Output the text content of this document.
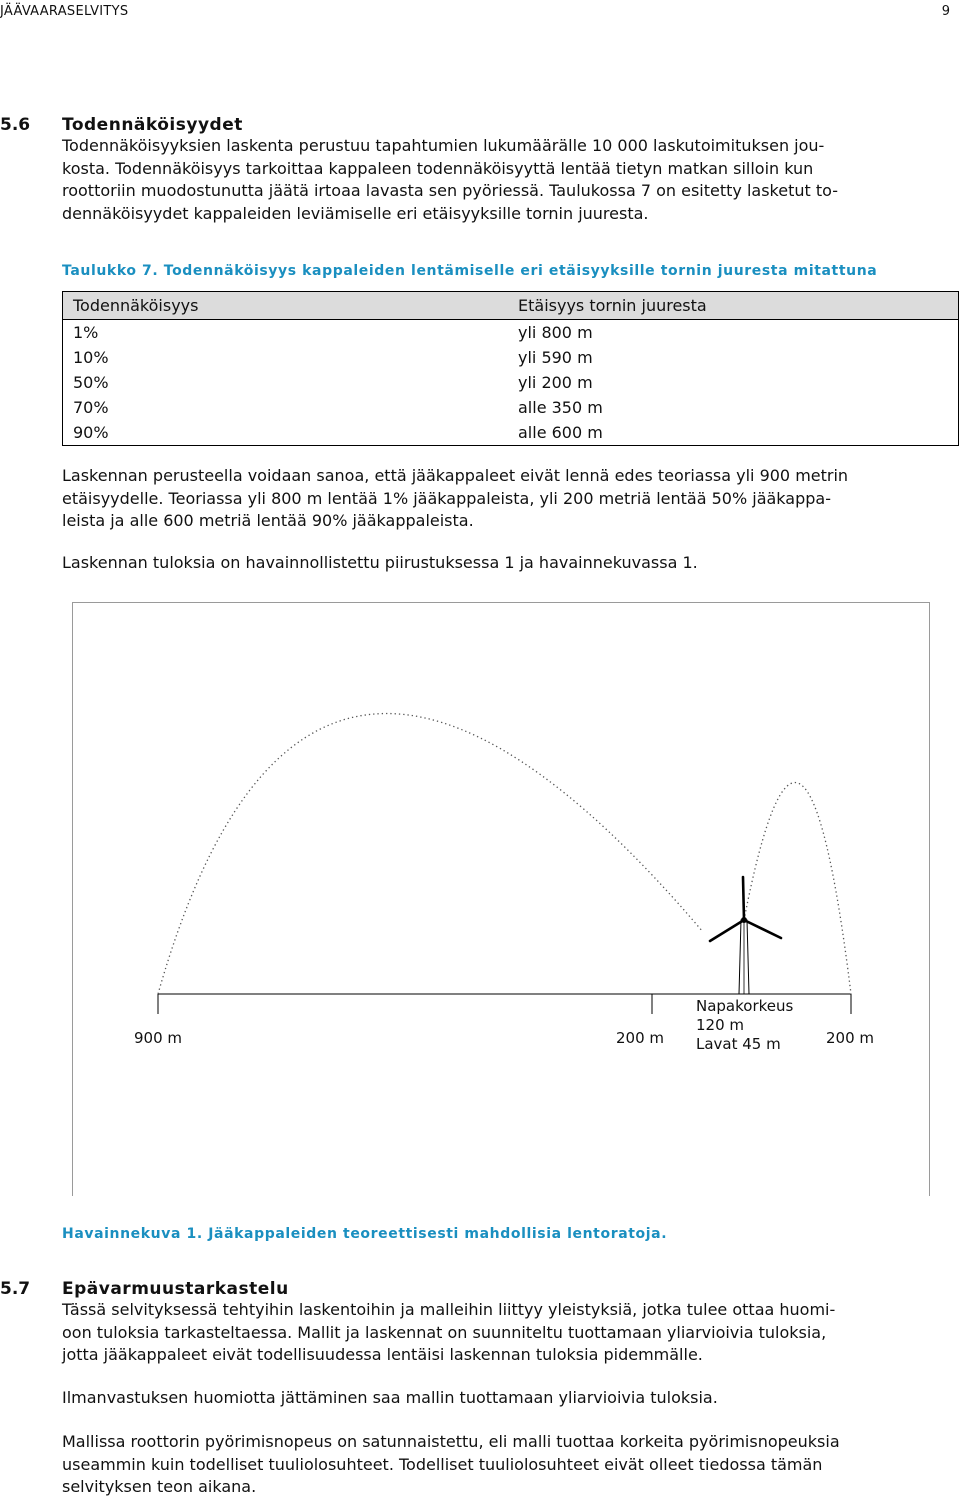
JÄÄVAARASELVITYS	9
5.6 Todennäköisyydet

Todennäköisyyksien laskenta perustuu tapahtumien lukumäärälle 10 000 laskutoimituksen jou-

kosta. Todennäköisyys tarkoittaa kappaleen todennäköisyyttä lentää tietyn matkan silloin kun

roottoriin muodostunutta jäätä irtoaa lavasta sen pyöriessä. Taulukossa 7 on esitetty lasketut to-

dennäköisyydet kappaleiden leviämiselle eri etäisyyksille tornin juuresta.

Taulukko 7. Todennäköisyys kappaleiden lentämiselle eri etäisyyksille tornin juuresta mitattuna
Todennäköisyys	Etäisyys tornin juuresta
1%	yli 800 m
10%	yli 590 m
50%	yli 200 m
70%	alle 350 m
90%	alle 600 m

Laskennan perusteella voidaan sanoa, että jääkappaleet eivät lennä edes teoriassa yli 900 metrin

etäisyydelle. Teoriassa yli 800 m lentää 1% jääkappaleista, yli 200 metriä lentää 50% jääkappa-

leista ja alle 600 metriä lentää 90% jääkappaleista.

Laskennan tuloksia on havainnollistettu piirustuksessa 1 ja havainnekuvassa 1.

900 m	200 m
Napakorkeus
120 m
Lavat 45 m	200 m
Havainnekuva 1. Jääkappaleiden teoreettisesti mahdollisia lentoratoja.
5.7 Epävarmuustarkastelu

Tässä selvityksessä tehtyihin laskentoihin ja malleihin liittyy yleistyksiä, jotka tulee ottaa huomi-

oon tuloksia tarkasteltaessa. Mallit ja laskennat on suunniteltu tuottamaan yliarvioivia tuloksia,

jotta jääkappaleet eivät todellisuudessa lentäisi laskennan tuloksia pidemmälle.

Ilmanvastuksen huomiotta jättäminen saa mallin tuottamaan yliarvioivia tuloksia.

Mallissa roottorin pyörimisnopeus on satunnaistettu, eli malli tuottaa korkeita pyörimisnopeuksia

useammin kuin todelliset tuuliolosuhteet. Todelliset tuuliolosuhteet eivät olleet tiedossa tämän

selvityksen teon aikana.
